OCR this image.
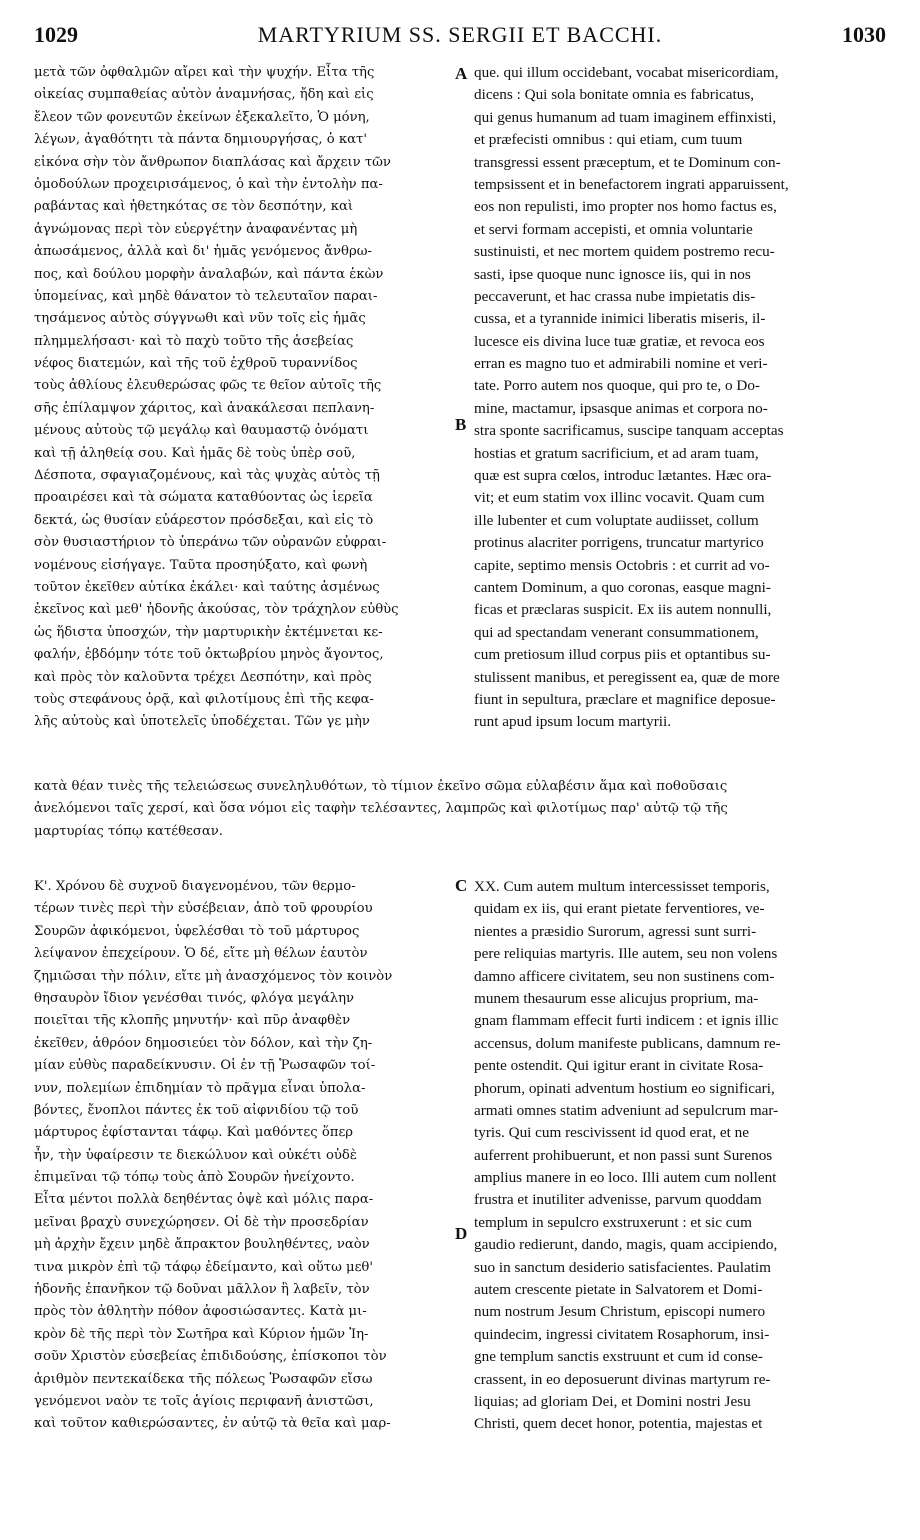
1029	MARTYRIUM SS. SERGII ET BACCHI.	1030
A
B
C
D
μετὰ τῶν ὀφθαλμῶν αἴρει καὶ τὴν ψυχήν. Εἶτα τῆς
οἰκείας συμπαθείας αὐτὸν ἀναμνήσας, ἤδη καὶ εἰς
ἔλεον τῶν φονευτῶν ἐκείνων ἐξεκαλεῖτο, Ὁ μόνη,
λέγων, ἀγαθότητι τὰ πάντα δημιουργήσας, ὁ κατ'
εἰκόνα σὴν τὸν ἄνθρωπον διαπλάσας καὶ ἄρχειν τῶν
ὁμοδούλων προχειρισάμενος, ὁ καὶ τὴν ἐντολὴν πα-
ραβάντας καὶ ἠθετηκότας σε τὸν δεσπότην, καὶ
ἀγνώμονας περὶ τὸν εὐεργέτην ἀναφανέντας μὴ
ἀπωσάμενος, ἀλλὰ καὶ δι' ἡμᾶς γενόμενος ἄνθρω-
πος, καὶ δούλου μορφὴν ἀναλαβών, καὶ πάντα ἑκὼν
ὑπομείνας, καὶ μηδὲ θάνατον τὸ τελευταῖον παραι-
τησάμενος αὐτὸς σύγγνωθι καὶ νῦν τοῖς εἰς ἡμᾶς
πλημμελήσασι· καὶ τὸ παχὺ τοῦτο τῆς ἀσεβείας
νέφος διατεμών, καὶ τῆς τοῦ ἐχθροῦ τυραννίδος
τοὺς ἀθλίους ἐλευθερώσας φῶς τε θεῖον αὐτοῖς τῆς
σῆς ἐπίλαμψον χάριτος, καὶ ἀνακάλεσαι πεπλανη-
μένους αὐτοὺς τῷ μεγάλῳ καὶ θαυμαστῷ ὀνόματι
καὶ τῇ ἀληθείᾳ σου. Καὶ ἡμᾶς δὲ τοὺς ὑπὲρ σοῦ,
Δέσποτα, σφαγιαζομένους, καὶ τὰς ψυχὰς αὐτὸς τῇ
προαιρέσει καὶ τὰ σώματα καταθύοντας ὡς ἱερεῖα
δεκτά, ὡς θυσίαν εὐάρεστον πρόσδεξαι, καὶ εἰς τὸ
σὸν θυσιαστήριον τὸ ὑπεράνω τῶν οὐρανῶν εὐφραι-
νομένους εἰσήγαγε. Ταῦτα προσηύξατο, καὶ φωνὴ
τοῦτον ἐκεῖθεν αὐτίκα ἐκάλει· καὶ ταύτης ἀσμένως
ἐκεῖνος καὶ μεθ' ἡδονῆς ἀκούσας, τὸν τράχηλον εὐθὺς
ὡς ἥδιστα ὑποσχών, τὴν μαρτυρικὴν ἐκτέμνεται κε-
φαλήν, ἑβδόμην τότε τοῦ ὀκτωβρίου μηνὸς ἄγοντος,
καὶ πρὸς τὸν καλοῦντα τρέχει Δεσπότην, καὶ πρὸς
τοὺς στεφάνους ὁρᾷ, καὶ φιλοτίμους ἐπὶ τῆς κεφα-
λῆς αὐτοὺς καὶ ὑποτελεῖς ὑποδέχεται. Τῶν γε μὴν
que. qui illum occidebant, vocabat misericordiam,
dicens : Qui sola bonitate omnia es fabricatus,
qui genus humanum ad tuam imaginem effinxisti,
et præfecisti omnibus : qui etiam, cum tuum
transgressi essent præceptum, et te Dominum con-
tempsissent et in benefactorem ingrati apparuissent,
eos non repulisti, imo propter nos homo factus es,
et servi formam accepisti, et omnia voluntarie
sustinuisti, et nec mortem quidem postremo recu-
sasti, ipse quoque nunc ignosce iis, qui in nos
peccaverunt, et hac crassa nube impietatis dis-
cussa, et a tyrannide inimici liberatis miseris, il-
lucesce eis divina luce tuæ gratiæ, et revoca eos
erran es magno tuo et admirabili nomine et veri-
tate. Porro autem nos quoque, qui pro te, o Do-
mine, mactamur, ipsasque animas et corpora no-
stra sponte sacrificamus, suscipe tanquam acceptas
hostias et gratum sacrificium, et ad aram tuam,
quæ est supra cœlos, introduc lætantes. Hæc ora-
vit; et eum statim vox illinc vocavit. Quam cum
ille lubenter et cum voluptate audiisset, collum
protinus alacriter porrigens, truncatur martyrico
capite, septimo mensis Octobris : et currit ad vo-
cantem Dominum, a quo coronas, easque magni-
ficas et præclaras suspicit. Ex iis autem nonnulli,
qui ad spectandam venerant consummationem,
cum pretiosum illud corpus piis et optantibus su-
stulissent manibus, et peregissent ea, quæ de more
fiunt in sepultura, præclare et magnifice deposue-
runt apud ipsum locum martyrii.
κατὰ θέαν τινὲς τῆς τελειώσεως συνεληλυθότων, τὸ τίμιον ἐκεῖνο σῶμα εὐλαβέσιν ἅμα καὶ ποθοῦσαις
ἀνελόμενοι ταῖς χερσί, καὶ ὅσα νόμοι εἰς ταφὴν τελέσαντες, λαμπρῶς καὶ φιλοτίμως παρ' αὐτῷ τῷ τῆς
μαρτυρίας τόπῳ κατέθεσαν.
Κ'. Χρόνου δὲ συχνοῦ διαγενομένου, τῶν θερμο-
τέρων τινὲς περὶ τὴν εὐσέβειαν, ἀπὸ τοῦ φρουρίου
Σουρῶν ἀφικόμενοι, ὑφελέσθαι τὸ τοῦ μάρτυρος
λείψανον ἐπεχείρουν. Ὁ δέ, εἴτε μὴ θέλων ἑαυτὸν
ζημιῶσαι τὴν πόλιν, εἴτε μὴ ἀνασχόμενος τὸν κοινὸν
θησαυρὸν ἴδιον γενέσθαι τινός, φλόγα μεγάλην
ποιεῖται τῆς κλοπῆς μηνυτήν· καὶ πῦρ ἀναφθὲν
ἐκεῖθεν, ἀθρόον δημοσιεύει τὸν δόλον, καὶ τὴν ζη-
μίαν εὐθὺς παραδείκνυσιν. Οἱ ἐν τῇ Ῥωσαφῶν τοί-
νυν, πολεμίων ἐπιδημίαν τὸ πρᾶγμα εἶναι ὑπολα-
βόντες, ἔνοπλοι πάντες ἐκ τοῦ αἰφνιδίου τῷ τοῦ
μάρτυρος ἐφίστανται τάφῳ. Καὶ μαθόντες ὅπερ
ἦν, τὴν ὑφαίρεσιν τε διεκώλυον καὶ οὐκέτι οὐδὲ
ἐπιμεῖναι τῷ τόπῳ τοὺς ἀπὸ Σουρῶν ἠνείχοντο.
Εἶτα μέντοι πολλὰ δεηθέντας ὀψὲ καὶ μόλις παρα-
μεῖναι βραχὺ συνεχώρησεν. Οἱ δὲ τὴν προσεδρίαν
μὴ ἀρχὴν ἔχειν μηδὲ ἄπρακτον βουληθέντες, ναὸν
τινα μικρὸν ἐπὶ τῷ τάφῳ ἐδείμαντο, καὶ οὕτω μεθ'
ἡδονῆς ἐπανῆκον τῷ δοῦναι μᾶλλον ἢ λαβεῖν, τὸν
πρὸς τὸν ἀθλητὴν πόθον ἀφοσιώσαντες. Κατὰ μι-
κρὸν δὲ τῆς περὶ τὸν Σωτῆρα καὶ Κύριον ἡμῶν Ἰη-
σοῦν Χριστὸν εὐσεβείας ἐπιδιδούσης, ἐπίσκοποι τὸν
ἀριθμὸν πεντεκαίδεκα τῆς πόλεως Ῥωσαφῶν εἴσω
γενόμενοι ναὸν τε τοῖς ἁγίοις περιφανῆ ἀνιστῶσι,
καὶ τοῦτον καθιερώσαντες, ἐν αὐτῷ τὰ θεῖα καὶ μαρ-
XX. Cum autem multum intercessisset temporis,
quidam ex iis, qui erant pietate ferventiores, ve-
nientes a præsidio Surorum, agressi sunt surri-
pere reliquias martyris. Ille autem, seu non volens
damno afficere civitatem, seu non sustinens com-
munem thesaurum esse alicujus proprium, ma-
gnam flammam effecit furti indicem : et ignis illic
accensus, dolum manifeste publicans, damnum re-
pente ostendit. Qui igitur erant in civitate Rosa-
phorum, opinati adventum hostium eo significari,
armati omnes statim adveniunt ad sepulcrum mar-
tyris. Qui cum rescivissent id quod erat, et ne
auferrent prohibuerunt, et non passi sunt Surenos
amplius manere in eo loco. Illi autem cum nollent
frustra et inutiliter advenisse, parvum quoddam
templum in sepulcro exstruxerunt : et sic cum
gaudio redierunt, dando, magis, quam accipiendo,
suo in sanctum desiderio satisfacientes. Paulatim
autem crescente pietate in Salvatorem et Domi-
num nostrum Jesum Christum, episcopi numero
quindecim, ingressi civitatem Rosaphorum, insi-
gne templum sanctis exstruunt et cum id conse-
crassent, in eo deposuerunt divinas martyrum re-
liquias; ad gloriam Dei, et Domini nostri Jesu
Christi, quem decet honor, potentia, majestas et
